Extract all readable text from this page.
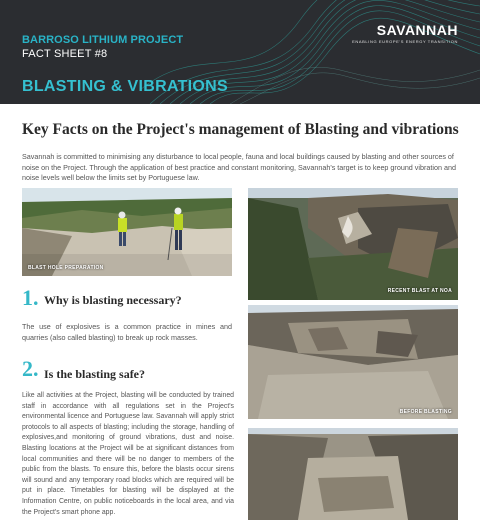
BARROSO LITHIUM PROJECT
FACT SHEET #8
BLASTING & VIBRATIONS
SAVANNAH
ENABLING EUROPE'S ENERGY TRANSITION
Key Facts on the Project's management of Blasting and vibrations
Savannah is committed to minimising any disturbance to local people, fauna and local buildings caused by blasting and other sources of noise on the Project. Through the application of best practice and constant monitoring, Savannah's target is to keep ground vibration and noise levels well below the limits set by Portuguese law.
BLAST HOLE PREPARATION
RECENT BLAST AT NOA
1. Why is blasting necessary?
The use of explosives is a common practice in mines and quarries (also called blasting) to break up rock masses.
BEFORE BLASTING
2. Is the blasting safe?
Like all activities at the Project, blasting will be conducted by trained staff in accordance with all regulations set in the Project's environmental licence and Portuguese law. Savannah will apply strict protocols to all aspects of blasting; including the storage, handling of explosives,and monitoring of ground vibrations, dust and noise. Blasting locations at the Project will be at significant distances from local communities and there will be no danger to members of the public from the blasts. To ensure this, before the blasts occur sirens will sound and any temporary road blocks which are required will be put in place. Timetables for blasting will be displayed at the Information Centre, on public noticeboards in the local area, and via the Project's smart phone app.
